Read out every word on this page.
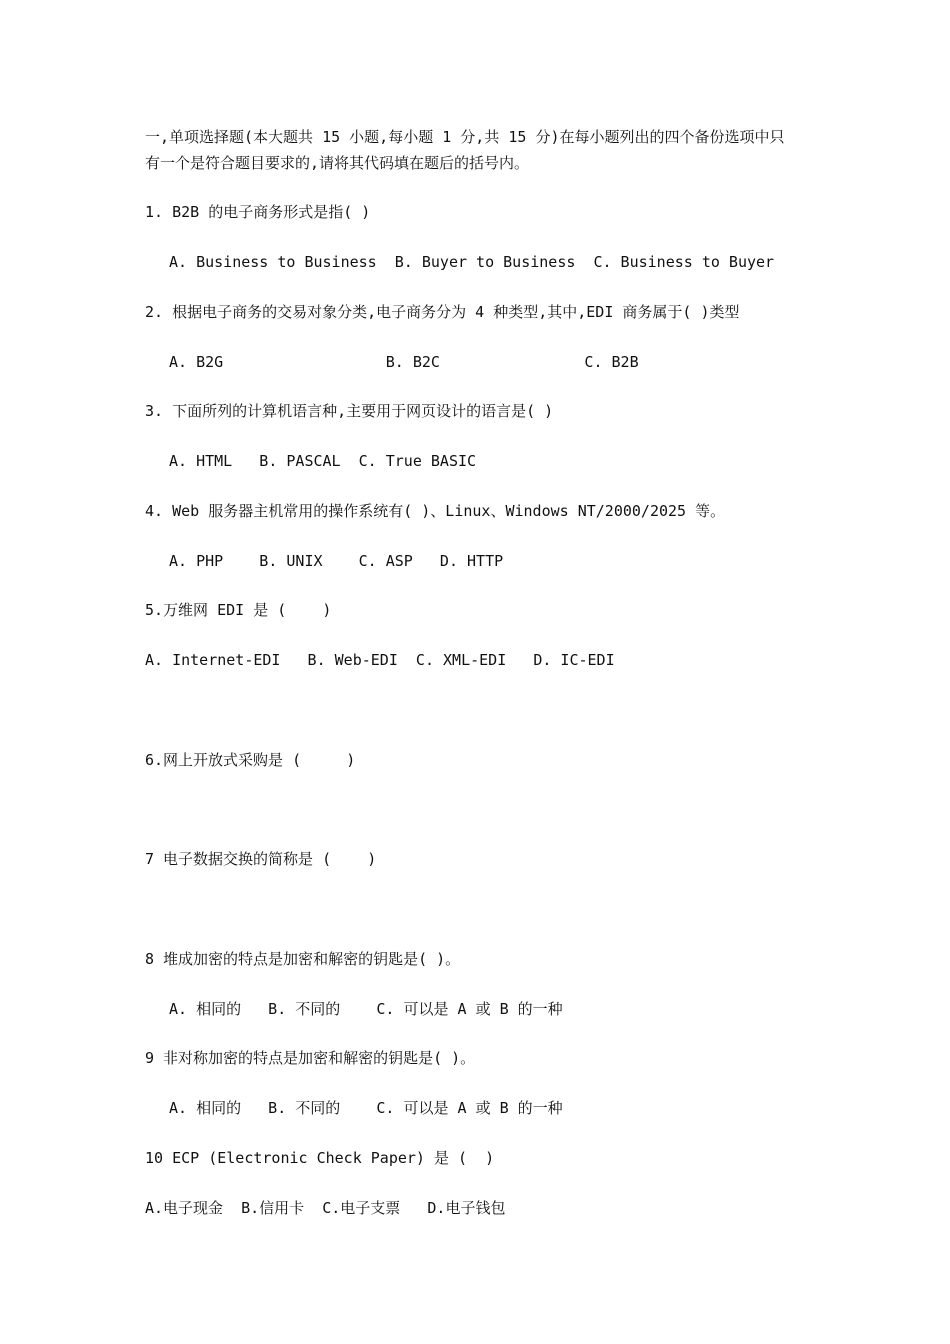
一,单项选择题(本大题共 15 小题,每小题 1 分,共 15 分)在每小题列出的四个备份选项中只
有一个是符合题目要求的,请将其代码填在题后的括号内。
1. B2B 的电子商务形式是指( )
A. Business to Business  B. Buyer to Business  C. Business to Buyer
2. 根据电子商务的交易对象分类,电子商务分为 4 种类型,其中,EDI 商务属于( )类型
A. B2G                  B. B2C                C. B2B
3. 下面所列的计算机语言种,主要用于网页设计的语言是( )
A. HTML   B. PASCAL  C. True BASIC
4. Web 服务器主机常用的操作系统有( )、Linux、Windows NT/2000/2025 等。
A. PHP    B. UNIX    C. ASP   D. HTTP
5.万维网 EDI 是 (    )
A. Internet-EDI   B. Web-EDI  C. XML-EDI   D. IC-EDI
6.网上开放式采购是 (     )
7 电子数据交换的简称是 (    )
8 堆成加密的特点是加密和解密的钥匙是( )。
A. 相同的   B. 不同的    C. 可以是 A 或 B 的一种
9 非对称加密的特点是加密和解密的钥匙是( )。
A. 相同的   B. 不同的    C. 可以是 A 或 B 的一种
10 ECP (Electronic Check Paper) 是 (  )
A.电子现金  B.信用卡  C.电子支票   D.电子钱包
